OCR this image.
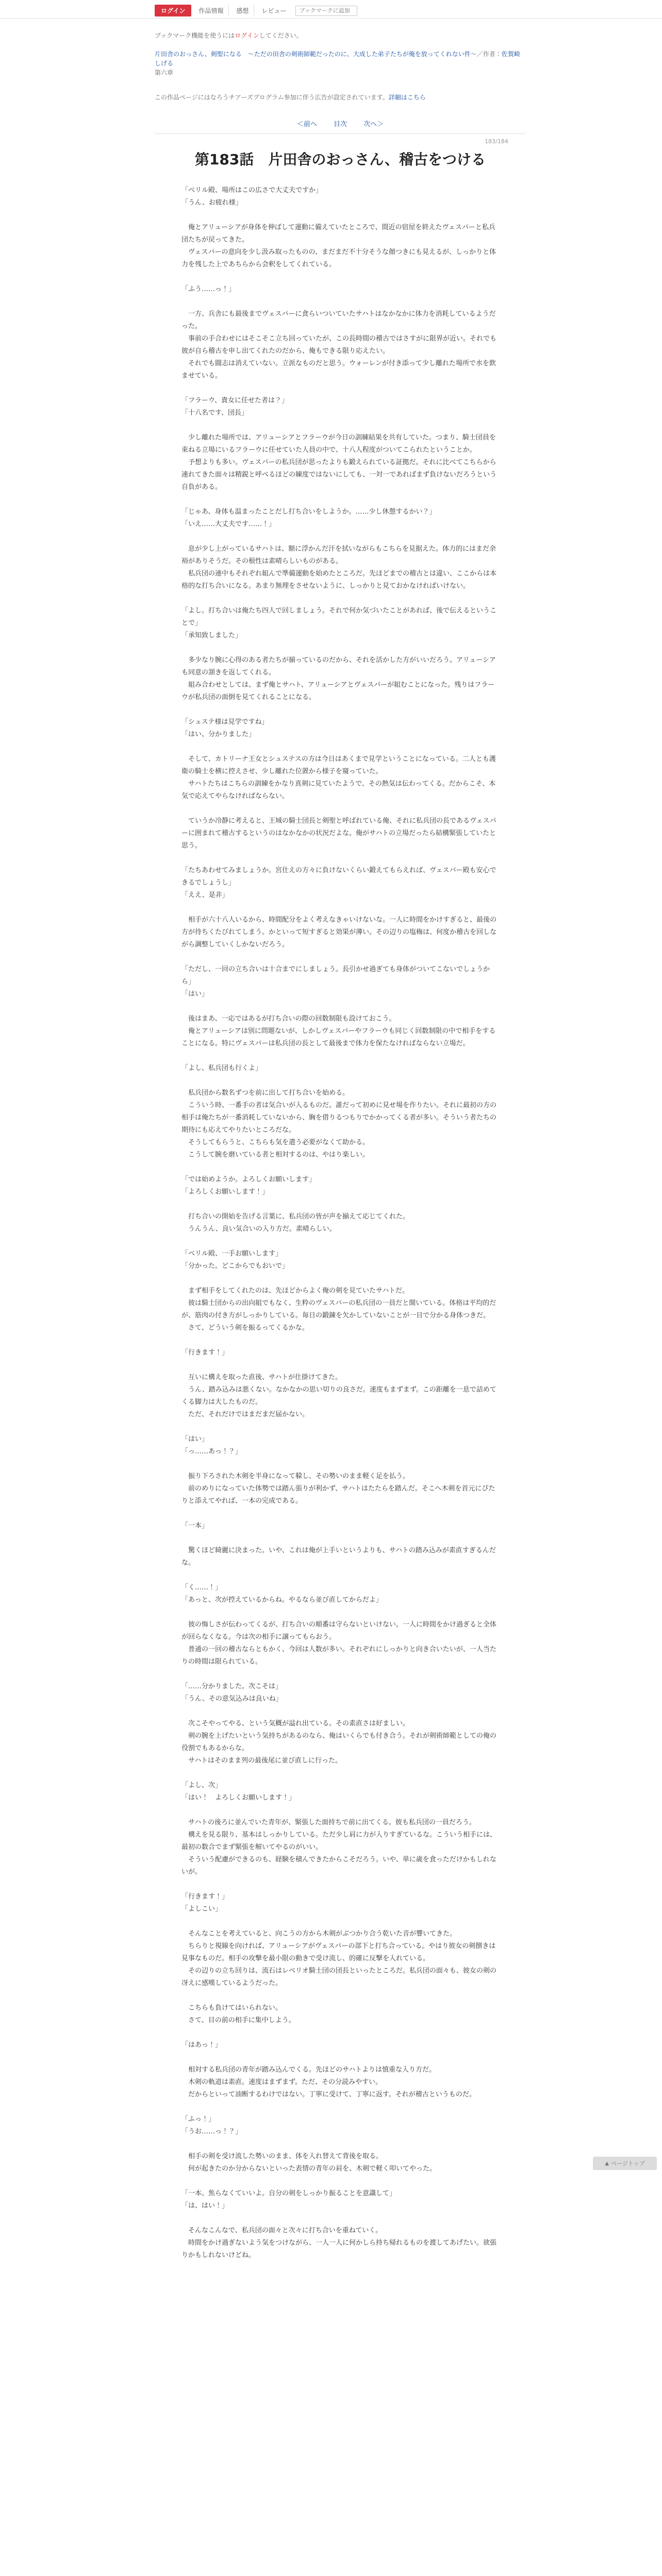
ログイン	作品情報	感想	レビュー
ブックマークに追加
ブックマーク機能を使うにはログインしてください。
片田舎のおっさん、剣聖になる　～ただの田舎の剣術師範だったのに、大成した弟子たちが俺を放ってくれない件～／作者：佐賀崎しげる
第六章
この作品ページにはなろうチアーズプログラム参加に伴う広告が設定されています。詳細はこちら
＜前へ 目次 次へ＞
183/184
第183話　片田舎のおっさん、稽古をつける

「ベリル殿、場所はこの広さで大丈夫ですか」

「うん、お疲れ様」

　俺とアリューシアが身体を伸ばして運動に備えていたところで、間近の宿屋を終えたヴェスパーと私兵団たちが戻ってきた。

　ヴェスパーの意向を少し汲み取ったものの、まだまだ不十分そうな顔つきにも見えるが、しっかりと体力を残した上であちらから会釈をしてくれている。

「ふう……っ！」

　一方、兵舎にも最後までヴェスパーに食らいついていたサハトはなかなかに体力を消耗しているようだった。

　事前の手合わせにはそこそこ立ち回っていたが、この長時間の稽古ではさすがに限界が近い。それでも彼が自ら稽古を申し出てくれたのだから、俺もできる限り応えたい。

　それでも闘志は消えていない。立派なものだと思う。ウォーレンが付き添って少し離れた場所で水を飲ませている。

「フラーウ、貴女に任せた者は？」

「十八名です、団長」

　少し離れた場所では、アリューシアとフラーウが今日の訓練結果を共有していた。つまり、騎士団員を束ねる立場にいるフラーウに任せていた人員の中で、十八人程度がついてこられたということか。

　予想よりも多い。ヴェスパーの私兵団が思ったよりも鍛えられている証拠だ。それに比べてこちらから連れてきた面々は精鋭と呼べるほどの練度ではないにしても、一対一であればまず負けないだろうという自負がある。

「じゃあ、身体も温まったことだし打ち合いをしようか。……少し休憩するかい？」

「いえ……大丈夫です……！」

　息が少し上がっているサハトは、額に浮かんだ汗を拭いながらもこちらを見据えた。体力的にはまだ余裕がありそうだ。その根性は素晴らしいものがある。

　私兵団の連中もそれぞれ組んで準備運動を始めたところだ。先ほどまでの稽古とは違い、ここからは本格的な打ち合いになる。あまり無理をさせないように、しっかりと見ておかなければいけない。

「よし。打ち合いは俺たち四人で回しましょう。それで何か気づいたことがあれば、後で伝えるということで」

「承知致しました」

　多少なり腕に心得のある者たちが揃っているのだから、それを活かした方がいいだろう。アリューシアも同意の頷きを返してくれる。

　組み合わせとしては、まず俺とサハト、アリューシアとヴェスパーが組むことになった。残りはフラーウが私兵団の面倒を見てくれることになる。

「シュステ様は見学ですね」

「はい、分かりました」

　そして、カトリーナ王女とシュステスの方は今日はあくまで見学ということになっている。二人とも護衛の騎士を横に控えさせ、少し離れた位置から様子を窺っていた。

　サハトたちはこちらの訓練をかなり真剣に見ていたようで、その熱気は伝わってくる。だからこそ、本気で応えてやらなければならない。

　ていうか冷静に考えると、王城の騎士団長と剣聖と呼ばれている俺、それに私兵団の長であるヴェスパーに囲まれて稽古するというのはなかなかの状況だよな。俺がサハトの立場だったら結構緊張していたと思う。

「たちあわせてみましょうか。宮仕えの方々に負けないくらい鍛えてもらえれば、ヴェスパー殿も安心できるでしょうし」

「ええ、是非」

　相手が六十八人いるから、時間配分をよく考えなきゃいけないな。一人に時間をかけすぎると、最後の方が待ちくたびれてしまう。かといって短すぎると効果が薄い。その辺りの塩梅は、何度か稽古を回しながら調整していくしかないだろう。

「ただし、一回の立ち合いは十合までにしましょう。長引かせ過ぎても身体がついてこないでしょうから」

「はい」

　後はまあ、一応ではあるが打ち合いの際の回数制限も設けておこう。

　俺とアリューシアは別に問題ないが、しかしヴェスパーやフラーウも同じく回数制限の中で相手をすることになる。特にヴェスパーは私兵団の長として最後まで体力を保たなければならない立場だ。

「よし、私兵団も行くよ」

　私兵団から数名ずつを前に出して打ち合いを始める。

　こういう時、一番手の者は気合いが入るものだ。誰だって初めに見せ場を作りたい。それに最初の方の相手は俺たちが一番消耗していないから、胸を借りるつもりでかかってくる者が多い。そういう者たちの期待にも応えてやりたいところだな。

　そうしてもらうと、こちらも気を遣う必要がなくて助かる。

　こうして腕を磨いている者と相対するのは、やはり楽しい。

「では始めようか。よろしくお願いします」

「よろしくお願いします！」

　打ち合いの開始を告げる言葉に、私兵団の皆が声を揃えて応じてくれた。

　うんうん、良い気合いの入り方だ。素晴らしい。

「ベリル殿、一手お願いします」

「分かった。どこからでもおいで」

　まず相手をしてくれたのは、先ほどからよく俺の剣を見ていたサハトだ。

　彼は騎士団からの出向組でもなく、生粋のヴェスパーの私兵団の一員だと聞いている。体格は平均的だが、筋肉の付き方がしっかりしている。毎日の鍛錬を欠かしていないことが一目で分かる身体つきだ。

　さて、どういう剣を振るってくるかな。

「行きます！」

　互いに構えを取った直後、サハトが仕掛けてきた。

　うん、踏み込みは悪くない。なかなかの思い切りの良さだ。速度もまずまず。この距離を一息で詰めてくる脚力は大したものだ。

　ただ、それだけではまだまだ届かない。

「はい」

「っ……あっ！？」

　振り下ろされた木剣を半身になって躱し、その勢いのまま軽く足を払う。

　前のめりになっていた体勢では踏ん張りが利かず、サハトはたたらを踏んだ。そこへ木剣を首元にぴたりと添えてやれば、一本の完成である。

「一本」

　驚くほど綺麗に決まった。いや、これは俺が上手いというよりも、サハトの踏み込みが素直すぎるんだな。

「く……！」

「あっと、次が控えているからね。やるなら並び直してからだよ」

　彼の悔しさが伝わってくるが、打ち合いの順番は守らないといけない。一人に時間をかけ過ぎると全体が回らなくなる。今は次の相手に譲ってもらおう。

　普通の一回の稽古ならともかく、今回は人数が多い。それぞれにしっかりと向き合いたいが、一人当たりの時間は限られている。

「……分かりました。次こそは」

「うん、その意気込みは良いね」

　次こそやってやる、という気概が溢れ出ている。その素直さは好ましい。

　剣の腕を上げたいという気持ちがあるのなら、俺はいくらでも付き合う。それが剣術師範としての俺の役割でもあるからな。

　サハトはそのまま列の最後尾に並び直しに行った。

「よし、次」

「はい！　よろしくお願いします！」

　サハトの後ろに並んでいた青年が、緊張した面持ちで前に出てくる。彼も私兵団の一員だろう。

　構えを見る限り、基本はしっかりしている。ただ少し肩に力が入りすぎているな。こういう相手には、最初の数合でまず緊張を解いてやるのがいい。

　そういう配慮ができるのも、経験を積んできたからこそだろう。いや、単に歳を食っただけかもしれないが。

「行きます！」

「よしこい」

　そんなことを考えていると、向こうの方から木剣がぶつかり合う乾いた音が響いてきた。

　ちらりと視線を向ければ、アリューシアがヴェスパーの部下と打ち合っている。やはり彼女の剣捌きは見事なものだ。相手の攻撃を最小限の動きで受け流し、的確に反撃を入れている。

　その辺りの立ち回りは、流石はレベリオ騎士団の団長といったところだ。私兵団の面々も、彼女の剣の冴えに感嘆しているようだった。

　こちらも負けてはいられない。

　さて、目の前の相手に集中しよう。

「はあっ！」

　相対する私兵団の青年が踏み込んでくる。先ほどのサハトよりは慎重な入り方だ。

　木剣の軌道は素直。速度はまずまず。ただ、その分読みやすい。

　だからといって油断するわけではない。丁寧に受けて、丁寧に返す。それが稽古というものだ。

「ふっ！」

「うお……っ！？」

　相手の剣を受け流した勢いのまま、体を入れ替えて背後を取る。

　何が起きたのか分からないといった表情の青年の肩を、木剣で軽く叩いてやった。

「一本。焦らなくていいよ。自分の剣をしっかり振ることを意識して」

「は、はい！」

　そんなこんなで、私兵団の面々と次々に打ち合いを重ねていく。

　時間をかけ過ぎないよう気をつけながら、一人一人に何かしら持ち帰れるものを渡してあげたい。欲張りかもしれないけどね。

▲ ページトップ
